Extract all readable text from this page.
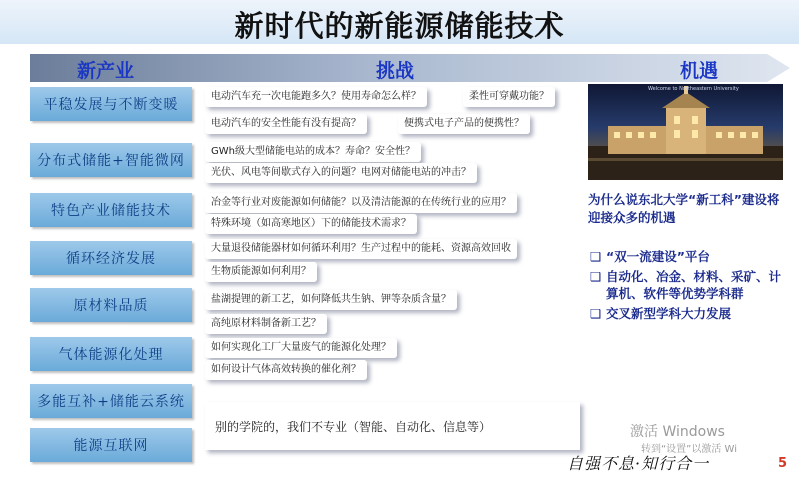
新时代的新能源储能技术
新产业	挑战	机遇
平稳发展与不断变暖
分布式储能+智能微网
特色产业储能技术
循环经济发展
原材料品质
气体能源化处理
多能互补+储能云系统
能源互联网
电动汽车充一次电能跑多久？使用寿命怎么样？	柔性可穿戴功能？
电动汽车的安全性能有没有提高？	便携式电子产品的便携性？
GWh级大型储能电站的成本？寿命？安全性？
光伏、风电等间歇式存入的问题？电网对储能电站的冲击？
冶金等行业对废能源如何储能？以及清洁能源的在传统行业的应用？
特殊环境（如高寒地区）下的储能技术需求？
大量退役储能器材如何循环利用？生产过程中的能耗、资源高效回收
生物质能源如何利用？
盐湖提锂的新工艺，如何降低共生钠、钾等杂质含量？
高纯原材料制备新工艺？
如何实现化工厂大量废气的能源化处理？
如何设计气体高效转换的催化剂？
别的学院的，我们不专业（智能、自动化、信息等）
Welcome to Northeastern University
为什么说东北大学“新工科”建设将迎接众多的机遇
❑ “双一流建设”平台
❑ 自动化、冶金、材料、采矿、计算机、软件等优势学科群
❑ 交叉新型学科大力发展
激活 Windows
转到“设置”以激活 Wi
自强不息·知行合一	5
